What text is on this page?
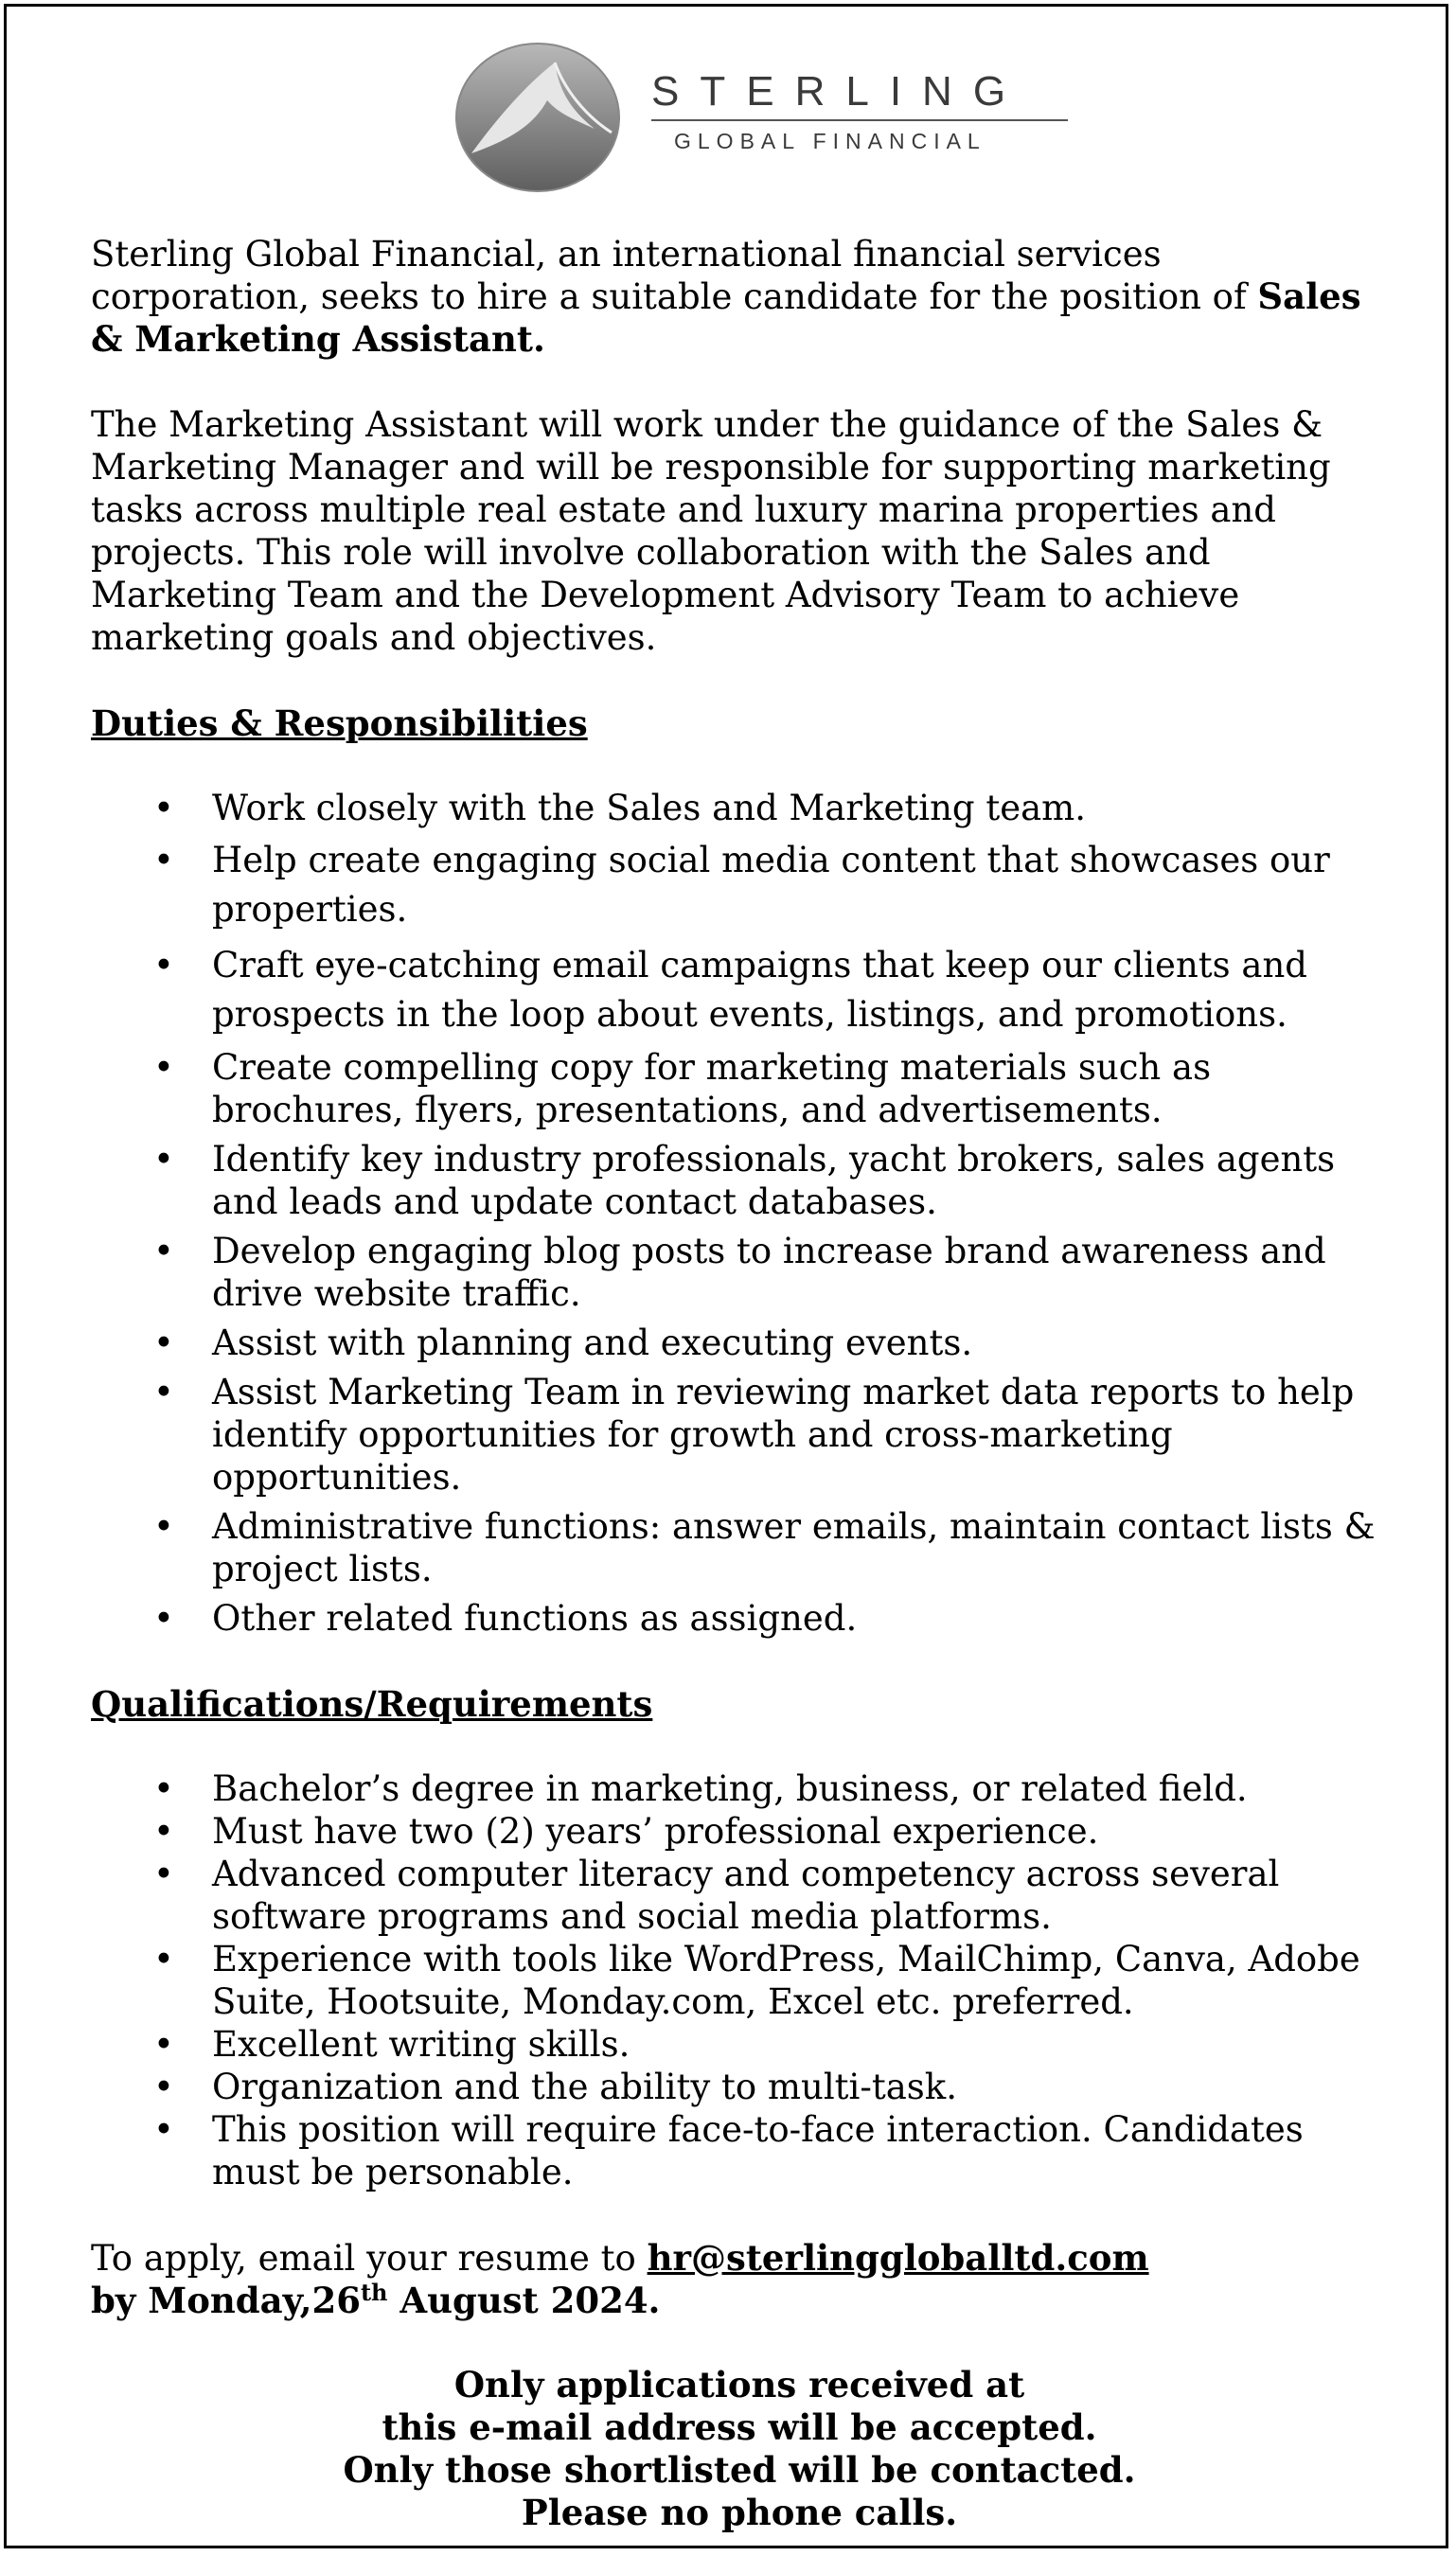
STERLING
GLOBAL FINANCIAL

Sterling Global Financial, an international financial services corporation, seeks to hire a suitable candidate for the position of Sales & Marketing Assistant.

The Marketing Assistant will work under the guidance of the Sales & Marketing Manager and will be responsible for supporting marketing tasks across multiple real estate and luxury marina properties and projects. This role will involve collaboration with the Sales and Marketing Team and the Development Advisory Team to achieve marketing goals and objectives.

Duties & Responsibilities

• Work closely with the Sales and Marketing team.
• Help create engaging social media content that showcases our properties.
• Craft eye-catching email campaigns that keep our clients and prospects in the loop about events, listings, and promotions.
• Create compelling copy for marketing materials such as brochures, flyers, presentations, and advertisements.
• Identify key industry professionals, yacht brokers, sales agents and leads and update contact databases.
• Develop engaging blog posts to increase brand awareness and drive website traffic.
• Assist with planning and executing events.
• Assist Marketing Team in reviewing market data reports to help identify opportunities for growth and cross-marketing opportunities.
• Administrative functions: answer emails, maintain contact lists & project lists.
• Other related functions as assigned.

Qualifications/Requirements

• Bachelor’s degree in marketing, business, or related field.
• Must have two (2) years’ professional experience.
• Advanced computer literacy and competency across several software programs and social media platforms.
• Experience with tools like WordPress, MailChimp, Canva, Adobe Suite, Hootsuite, Monday.com, Excel etc. preferred.
• Excellent writing skills.
• Organization and the ability to multi-task.
• This position will require face-to-face interaction. Candidates must be personable.

To apply, email your resume to hr@sterlinggloballtd.com

by Monday,26th August 2024.

Only applications received at

this e-mail address will be accepted.

Only those shortlisted will be contacted.

Please no phone calls.
